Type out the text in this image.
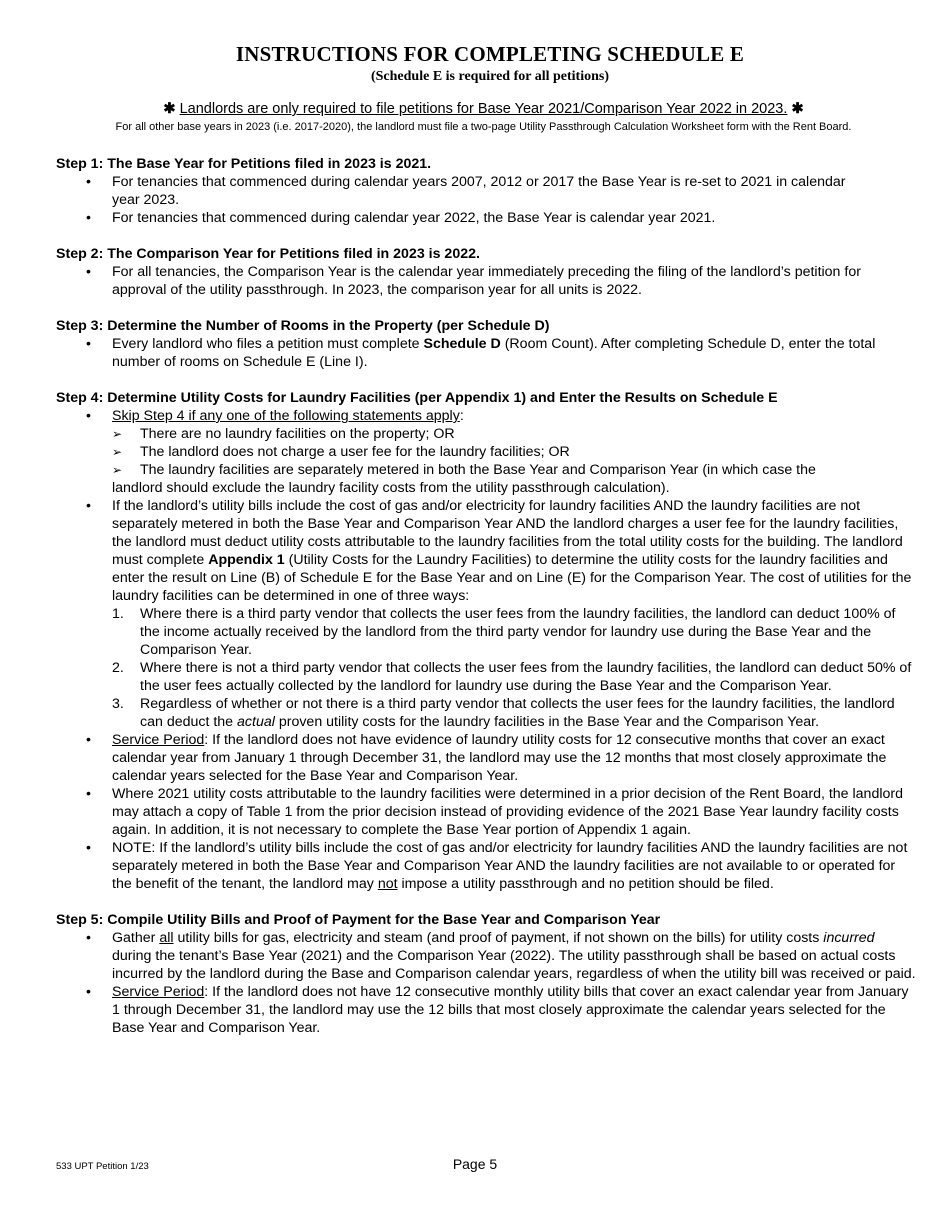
INSTRUCTIONS FOR COMPLETING SCHEDULE E
(Schedule E is required for all petitions)
✱ Landlords are only required to file petitions for Base Year 2021/Comparison Year 2022 in 2023. ✱
For all other base years in 2023 (i.e. 2017-2020), the landlord must file a two-page Utility Passthrough Calculation Worksheet form with the Rent Board.

Step 1: The Base Year for Petitions filed in 2023 is 2021.

• For tenancies that commenced during calendar years 2007, 2012 or 2017 the Base Year is re-set to 2021 in calendar year 2023.
• For tenancies that commenced during calendar year 2022, the Base Year is calendar year 2021.

Step 2: The Comparison Year for Petitions filed in 2023 is 2022.

• For all tenancies, the Comparison Year is the calendar year immediately preceding the filing of the landlord’s petition for approval of the utility passthrough. In 2023, the comparison year for all units is 2022.

Step 3: Determine the Number of Rooms in the Property (per Schedule D)

• Every landlord who files a petition must complete Schedule D (Room Count). After completing Schedule D, enter the total number of rooms on Schedule E (Line I).

Step 4: Determine Utility Costs for Laundry Facilities (per Appendix 1) and Enter the Results on Schedule E

• Skip Step 4 if any one of the following statements apply:
➢ There are no laundry facilities on the property; OR
➢ The landlord does not charge a user fee for the laundry facilities; OR
➢ The laundry facilities are separately metered in both the Base Year and Comparison Year (in which case the
landlord should exclude the laundry facility costs from the utility passthrough calculation).
• If the landlord’s utility bills include the cost of gas and/or electricity for laundry facilities AND the laundry facilities are not separately metered in both the Base Year and Comparison Year AND the landlord charges a user fee for the laundry facilities, the landlord must deduct utility costs attributable to the laundry facilities from the total utility costs for the building. The landlord must complete Appendix 1 (Utility Costs for the Laundry Facilities) to determine the utility costs for the laundry facilities and enter the result on Line (B) of Schedule E for the Base Year and on Line (E) for the Comparison Year. The cost of utilities for the laundry facilities can be determined in one of three ways:
1. Where there is a third party vendor that collects the user fees from the laundry facilities, the landlord can deduct 100% of the income actually received by the landlord from the third party vendor for laundry use during the Base Year and the Comparison Year.
2. Where there is not a third party vendor that collects the user fees from the laundry facilities, the landlord can deduct 50% of the user fees actually collected by the landlord for laundry use during the Base Year and the Comparison Year.
3. Regardless of whether or not there is a third party vendor that collects the user fees for the laundry facilities, the landlord can deduct the actual proven utility costs for the laundry facilities in the Base Year and the Comparison Year.
• Service Period: If the landlord does not have evidence of laundry utility costs for 12 consecutive months that cover an exact calendar year from January 1 through December 31, the landlord may use the 12 months that most closely approximate the calendar years selected for the Base Year and Comparison Year.
• Where 2021 utility costs attributable to the laundry facilities were determined in a prior decision of the Rent Board, the landlord may attach a copy of Table 1 from the prior decision instead of providing evidence of the 2021 Base Year laundry facility costs again. In addition, it is not necessary to complete the Base Year portion of Appendix 1 again.
• NOTE: If the landlord’s utility bills include the cost of gas and/or electricity for laundry facilities AND the laundry facilities are not separately metered in both the Base Year and Comparison Year AND the laundry facilities are not available to or operated for the benefit of the tenant, the landlord may not impose a utility passthrough and no petition should be filed.

Step 5: Compile Utility Bills and Proof of Payment for the Base Year and Comparison Year

• Gather all utility bills for gas, electricity and steam (and proof of payment, if not shown on the bills) for utility costs incurred during the tenant’s Base Year (2021) and the Comparison Year (2022). The utility passthrough shall be based on actual costs incurred by the landlord during the Base and Comparison calendar years, regardless of when the utility bill was received or paid.
• Service Period: If the landlord does not have 12 consecutive monthly utility bills that cover an exact calendar year from January 1 through December 31, the landlord may use the 12 bills that most closely approximate the calendar years selected for the Base Year and Comparison Year.
533 UPT Petition 1/23	Page 5
